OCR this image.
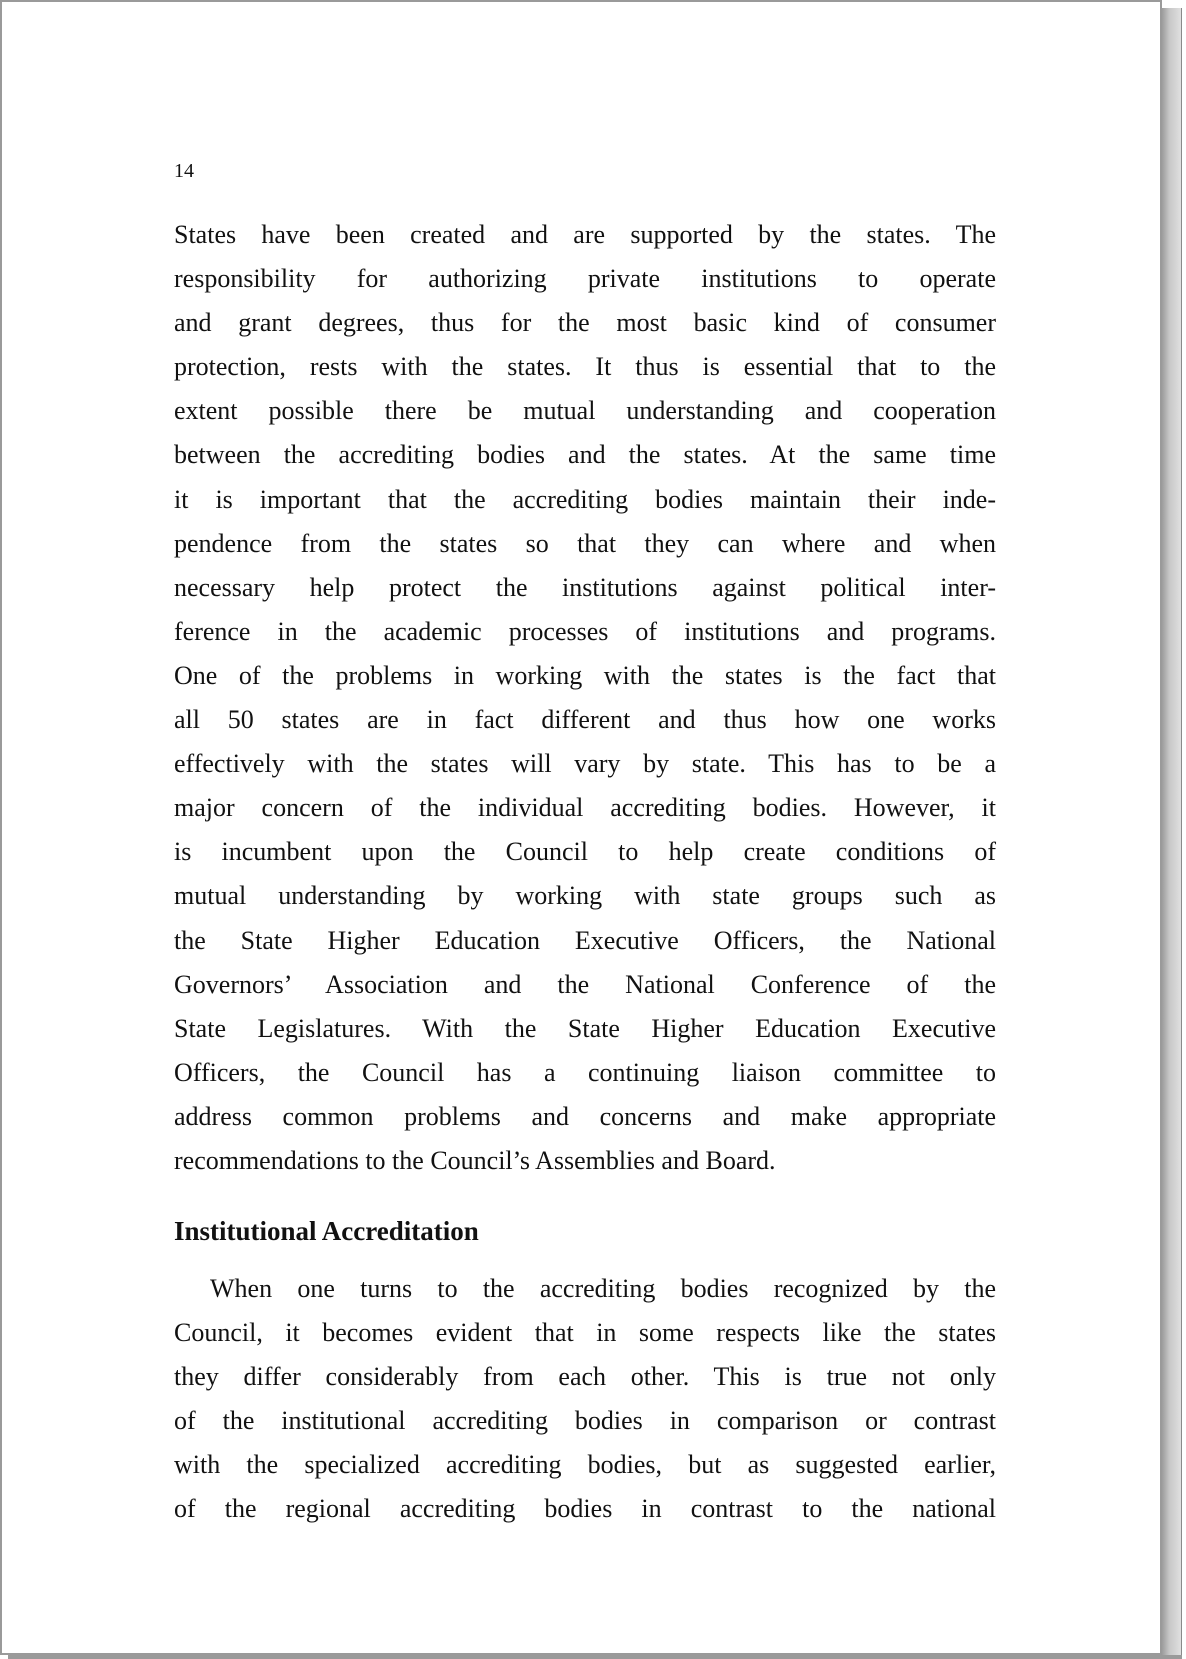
14

States have been created and are supported by the states. The
responsibility for authorizing private institutions to operate
and grant degrees, thus for the most basic kind of consumer
protection, rests with the states. It thus is essential that to the
extent possible there be mutual understanding and cooperation
between the accrediting bodies and the states. At the same time
it is important that the accrediting bodies maintain their inde-
pendence from the states so that they can where and when
necessary help protect the institutions against political inter-
ference in the academic processes of institutions and programs.
One of the problems in working with the states is the fact that
all 50 states are in fact different and thus how one works
effectively with the states will vary by state. This has to be a
major concern of the individual accrediting bodies. However, it
is incumbent upon the Council to help create conditions of
mutual understanding by working with state groups such as
the State Higher Education Executive Officers, the National
Governors’ Association and the National Conference of the
State Legislatures. With the State Higher Education Executive
Officers, the Council has a continuing liaison committee to
address common problems and concerns and make appropriate
recommendations to the Council’s Assemblies and Board.
Institutional Accreditation
When one turns to the accrediting bodies recognized by the
Council, it becomes evident that in some respects like the states
they differ considerably from each other. This is true not only
of the institutional accrediting bodies in comparison or contrast
with the specialized accrediting bodies, but as suggested earlier,
of the regional accrediting bodies in contrast to the national
